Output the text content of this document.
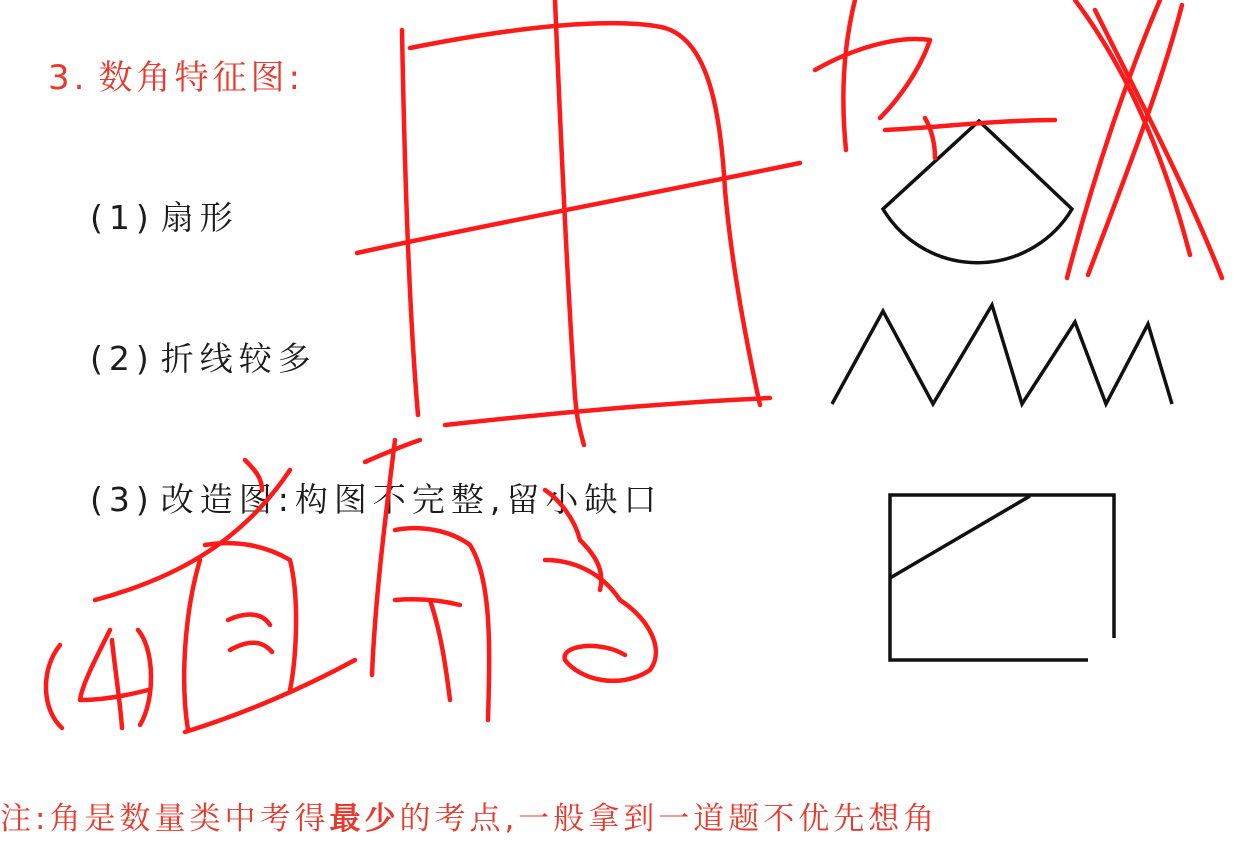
3. 数角特征图:
(1) 扇形
(2) 折线较多
(3) 改造图:构图不完整,留小缺口
注:角是数量类中考得最少的考点,一般拿到一道题不优先想角
